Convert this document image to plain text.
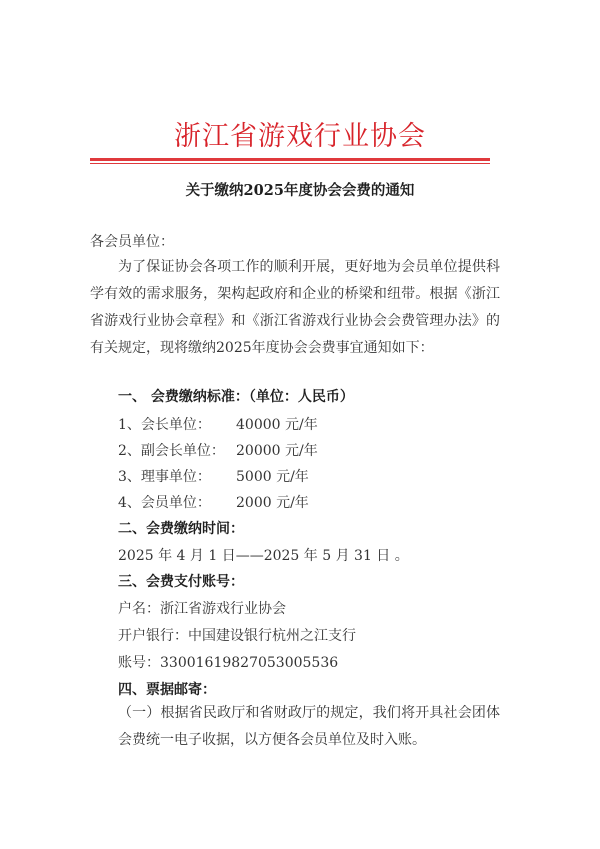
浙江省游戏行业协会
关于缴纳2025年度协会会费的通知
各会员单位：
为了保证协会各项工作的顺利开展，更好地为会员单位提供科学有效的需求服务，架构起政府和企业的桥梁和纽带。根据《浙江省游戏行业协会章程》和《浙江省游戏行业协会会费管理办法》的有关规定，现将缴纳2025年度协会会费事宜通知如下：
一、 会费缴纳标准：（单位：人民币）
1、会长单位： 40000 元/年
2、副会长单位： 20000 元/年
3、理事单位： 5000 元/年
4、会员单位： 2000 元/年
二、会费缴纳时间：
2025 年 4 月 1 日——2025 年 5 月 31 日 。
三、会费支付账号：
户名：浙江省游戏行业协会
开户银行：中国建设银行杭州之江支行
账号：33001619827053005536
四、票据邮寄：
（一）根据省民政厅和省财政厅的规定，我们将开具社会团体会费统一电子收据，以方便各会员单位及时入账。
